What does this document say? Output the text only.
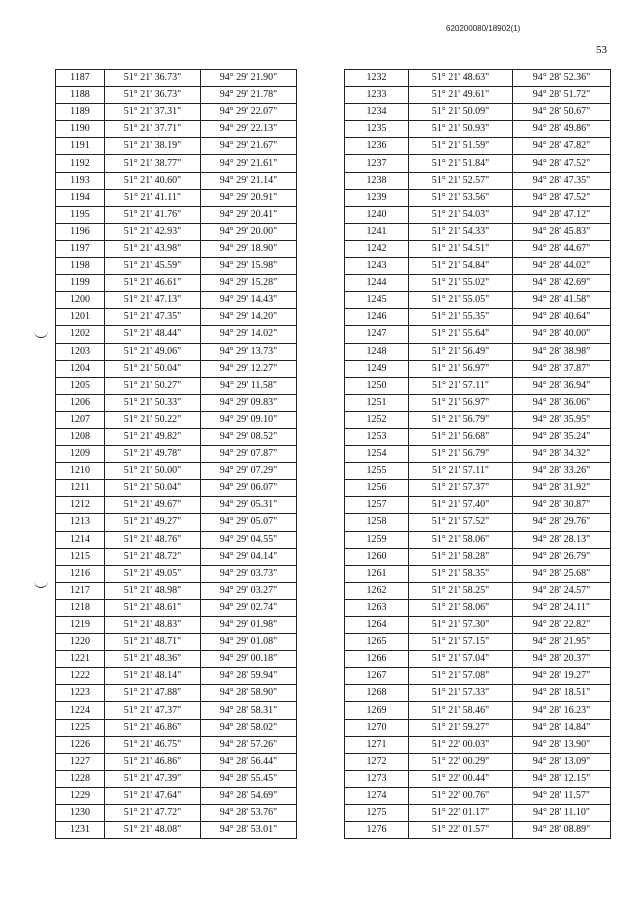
620200080/18902(1)
53
1187	51° 21' 36.73"	94° 29' 21.90"
1188	51° 21' 36.73"	94° 29' 21.78"
1189	51° 21' 37.31"	94° 29' 22.07"
1190	51° 21' 37.71"	94° 29' 22.13"
1191	51° 21' 38.19"	94° 29' 21.67"
1192	51° 21' 38.77"	94° 29' 21.61"
1193	51° 21' 40.60"	94° 29' 21.14"
1194	51° 21' 41.11"	94° 29' 20.91"
1195	51° 21' 41.76"	94° 29' 20.41"
1196	51° 21' 42.93"	94° 29' 20.00"
1197	51° 21' 43.98"	94° 29' 18.90"
1198	51° 21' 45.59"	94° 29' 15.98"
1199	51° 21' 46.61"	94° 29' 15.28"
1200	51° 21' 47.13"	94° 29' 14.43"
1201	51° 21' 47.35"	94° 29' 14.20"
1202	51° 21' 48.44"	94° 29' 14.02"
1203	51° 21' 49.06"	94° 29' 13.73"
1204	51° 21' 50.04"	94° 29' 12.27"
1205	51° 21' 50.27"	94° 29' 11.58"
1206	51° 21' 50.33"	94° 29' 09.83"
1207	51° 21' 50.22"	94° 29' 09.10"
1208	51° 21' 49.82"	94° 29' 08.52"
1209	51° 21' 49.78"	94° 29' 07.87"
1210	51° 21' 50.00"	94° 29' 07.29"
1211	51° 21' 50.04"	94° 29' 06.07"
1212	51° 21' 49.67"	94° 29' 05.31"
1213	51° 21' 49.27"	94° 29' 05.07"
1214	51° 21' 48.76"	94° 29' 04.55"
1215	51° 21' 48.72"	94° 29' 04.14"
1216	51° 21' 49.05"	94° 29' 03.73"
1217	51° 21' 48.98"	94° 29' 03.27"
1218	51° 21' 48.61"	94° 29' 02.74"
1219	51° 21' 48.83"	94° 29' 01.98"
1220	51° 21' 48.71"	94° 29' 01.08"
1221	51° 21' 48.36"	94° 29' 00.18"
1222	51° 21' 48.14"	94° 28' 59.94"
1223	51° 21' 47.88"	94° 28' 58.90"
1224	51° 21' 47.37"	94° 28' 58.31"
1225	51° 21' 46.86"	94° 28' 58.02"
1226	51° 21' 46.75"	94° 28' 57.26"
1227	51° 21' 46.86"	94° 28' 56.44"
1228	51° 21' 47.39"	94° 28' 55.45"
1229	51° 21' 47.64"	94° 28' 54.69"
1230	51° 21' 47.72"	94° 28' 53.76"
1231	51° 21' 48.08"	94° 28' 53.01"
1232	51° 21' 48.63"	94° 28' 52.36"
1233	51° 21' 49.61"	94° 28' 51.72"
1234	51° 21' 50.09"	94° 28' 50.67"
1235	51° 21' 50.93"	94° 28' 49.86"
1236	51° 21' 51.59"	94° 28' 47.82"
1237	51° 21' 51.84"	94° 28' 47.52"
1238	51° 21' 52.57"	94° 28' 47.35"
1239	51° 21' 53.56"	94° 28' 47.52"
1240	51° 21' 54.03"	94° 28' 47.12"
1241	51° 21' 54.33"	94° 28' 45.83"
1242	51° 21' 54.51"	94° 28' 44.67"
1243	51° 21' 54.84"	94° 28' 44.02"
1244	51° 21' 55.02"	94° 28' 42.69"
1245	51° 21' 55.05"	94° 28' 41.58"
1246	51° 21' 55.35"	94° 28' 40.64"
1247	51° 21' 55.64"	94° 28' 40.00"
1248	51° 21' 56.49"	94° 28' 38.98"
1249	51° 21' 56.97"	94° 28' 37.87"
1250	51° 21' 57.11"	94° 28' 36.94"
1251	51° 21' 56.97"	94° 28' 36.06"
1252	51° 21' 56.79"	94° 28' 35.95"
1253	51° 21' 56.68"	94° 28' 35.24"
1254	51° 21' 56.79"	94° 28' 34.32"
1255	51° 21' 57.11"	94° 28' 33.26"
1256	51° 21' 57.37"	94° 28' 31.92"
1257	51° 21' 57.40"	94° 28' 30.87"
1258	51° 21' 57.52"	94° 28' 29.76"
1259	51° 21' 58.06"	94° 28' 28.13"
1260	51° 21' 58.28"	94° 28' 26.79"
1261	51° 21' 58.35"	94° 28' 25.68"
1262	51° 21' 58.25"	94° 28' 24.57"
1263	51° 21' 58.06"	94° 28' 24.11"
1264	51° 21' 57.30"	94° 28' 22.82"
1265	51° 21' 57.15"	94° 28' 21.95"
1266	51° 21' 57.04"	94° 28' 20.37"
1267	51° 21' 57.08"	94° 28' 19.27"
1268	51° 21' 57.33"	94° 28' 18.51"
1269	51° 21' 58.46"	94° 28' 16.23"
1270	51° 21' 59.27"	94° 28' 14.84"
1271	51° 22' 00.03"	94° 28' 13.90"
1272	51° 22' 00.29"	94° 28' 13.09"
1273	51° 22' 00.44"	94° 28' 12.15"
1274	51° 22' 00.76"	94° 28' 11.57"
1275	51° 22' 01.17"	94° 28' 11.10"
1276	51° 22' 01.57"	94° 28' 08.89"
